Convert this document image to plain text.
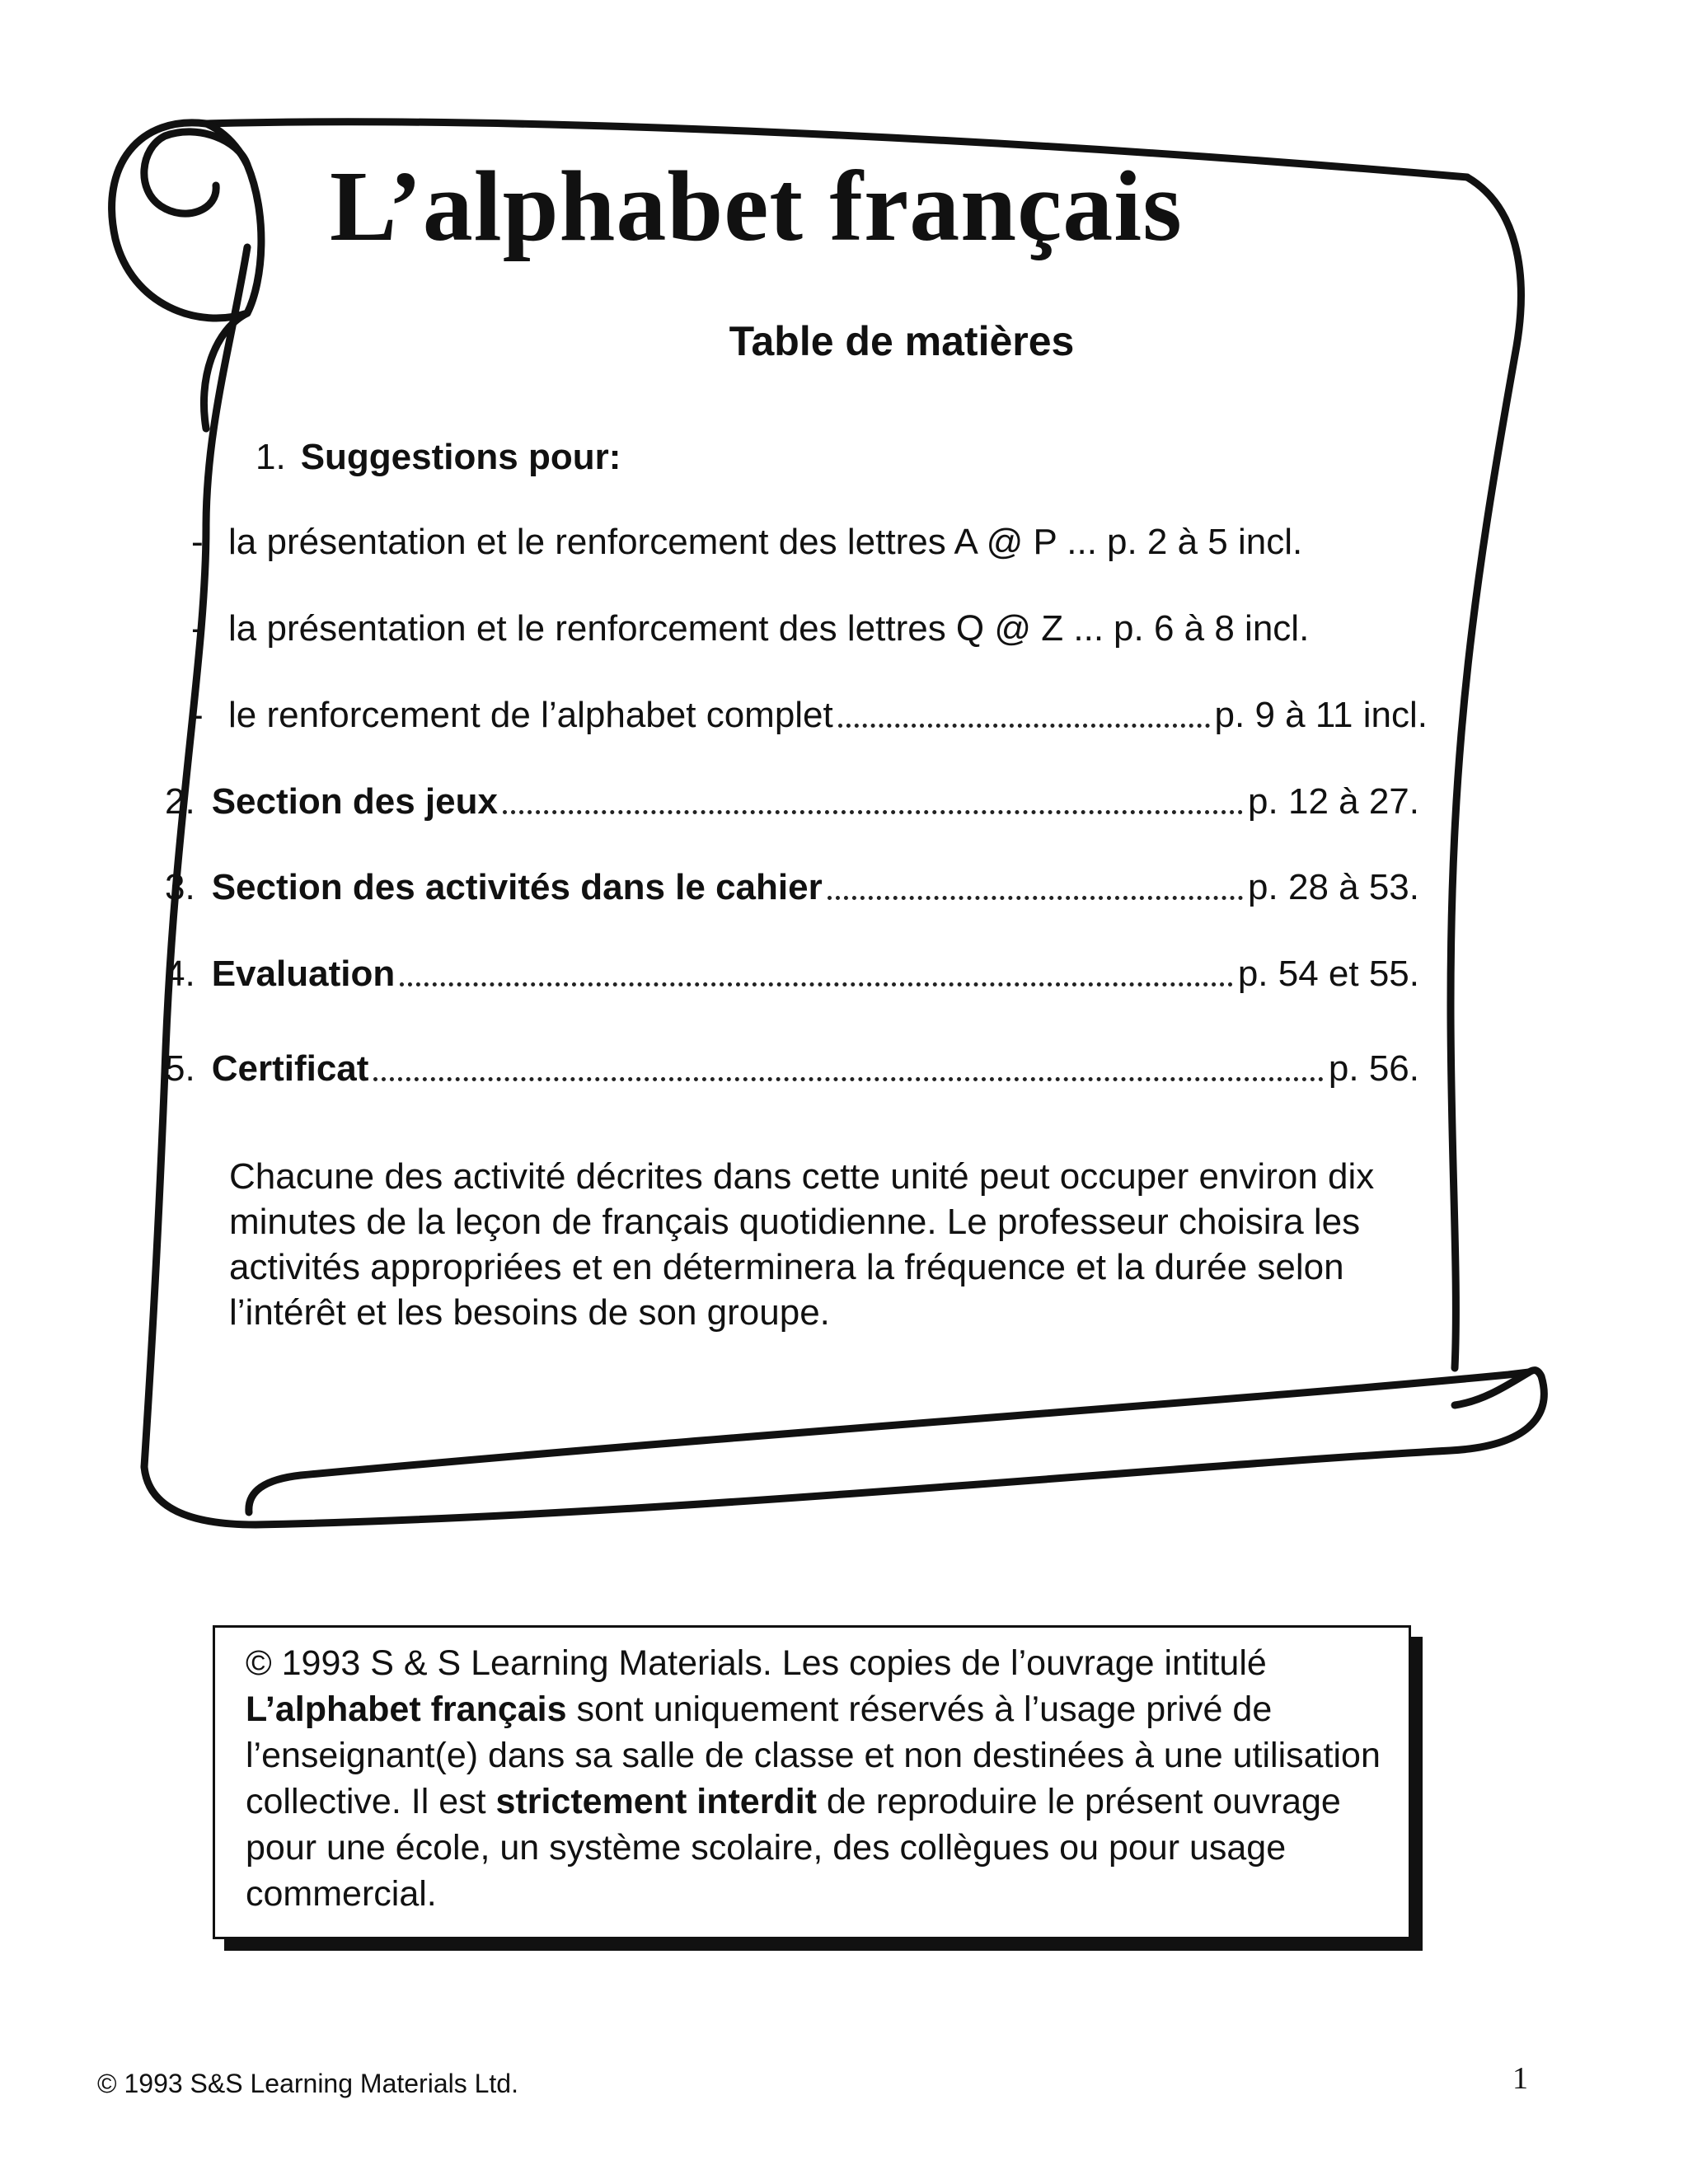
L’alphabet français
Table de matières
1. Suggestions pour:
- la présentation et le renforcement des lettres A @ P ... p. 2 à 5 incl.
- la présentation et le renforcement des lettres Q @ Z ... p. 6 à 8 incl.
- le renforcement de l’alphabet complet	p. 9 à 11 incl.
2. Section des jeux	p. 12 à 27.
3. Section des activités dans le cahier	p. 28 à 53.
4. Evaluation	p. 54 et 55.
5. Certificat	p. 56.
Chacune des activité décrites dans cette unité peut occuper environ dix minutes de la leçon de français quotidienne. Le professeur choisira les activités appropriées et en déterminera la fréquence et la durée selon l’intérêt et les besoins de son groupe.
© 1993 S & S Learning Materials. Les copies de l’ouvrage intitulé L’alphabet français sont uniquement réservés à l’usage privé de l’enseignant(e) dans sa salle de classe et non destinées à une utilisation collective. Il est strictement interdit de reproduire le présent ouvrage pour une école, un système scolaire, des collègues ou pour usage commercial.
© 1993 S&S Learning Materials Ltd.	1
